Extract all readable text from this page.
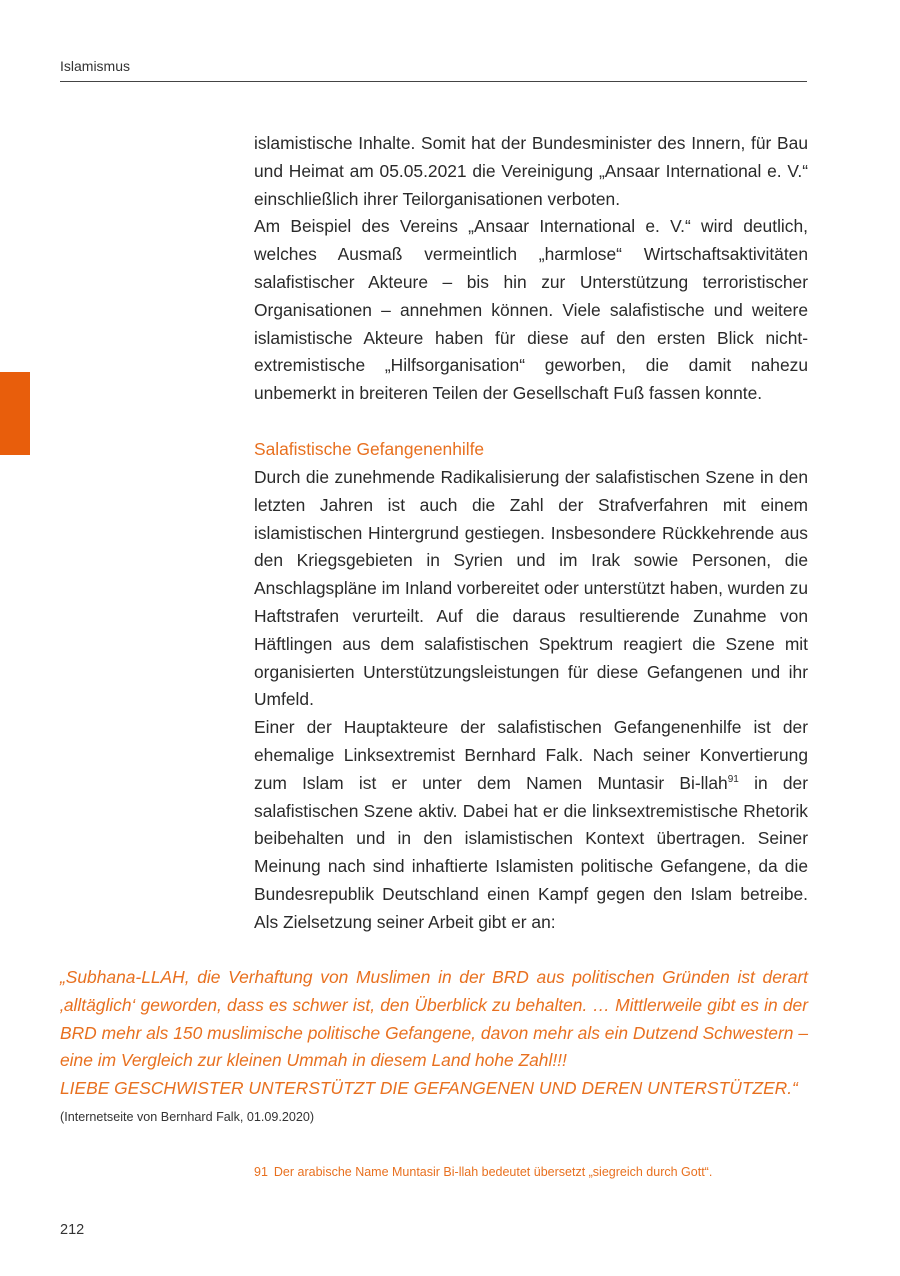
Islamismus

islamistische Inhalte. Somit hat der Bundesminister des Innern, für Bau und Heimat am 05.05.2021 die Vereinigung „Ansaar International e. V.“ einschließlich ihrer Teilorganisationen verboten.

Am Beispiel des Vereins „Ansaar International e. V.“ wird deutlich, welches Ausmaß vermeintlich „harmlose“ Wirtschaftsaktivitäten salafistischer Akteure – bis hin zur Unterstützung terroristischer Organisationen – annehmen können. Viele salafistische und weitere islamistische Akteure haben für diese auf den ersten Blick nicht-extremistische „Hilfsorganisation“ geworben, die damit nahezu unbemerkt in breiteren Teilen der Gesellschaft Fuß fassen konnte.

Salafistische Gefangenenhilfe

Durch die zunehmende Radikalisierung der salafistischen Szene in den letzten Jahren ist auch die Zahl der Strafverfahren mit einem islamistischen Hintergrund gestiegen. Insbesondere Rückkehrende aus den Kriegsgebieten in Syrien und im Irak sowie Personen, die Anschlagspläne im Inland vorbereitet oder unterstützt haben, wurden zu Haftstrafen verurteilt. Auf die daraus resultierende Zunahme von Häftlingen aus dem salafistischen Spektrum reagiert die Szene mit organisierten Unterstützungsleistungen für diese Gefangenen und ihr Umfeld.

Einer der Hauptakteure der salafistischen Gefangenenhilfe ist der ehemalige Linksextremist Bernhard Falk. Nach seiner Konvertierung zum Islam ist er unter dem Namen Muntasir Bi-llah$^{91}$ in der salafistischen Szene aktiv. Dabei hat er die linksextremistische Rhetorik beibehalten und in den islamistischen Kontext übertragen. Seiner Meinung nach sind inhaftierte Islamisten politische Gefangene, da die Bundesrepublik Deutschland einen Kampf gegen den Islam betreibe. Als Zielsetzung seiner Arbeit gibt er an:

„Subhana-LLAH, die Verhaftung von Muslimen in der BRD aus politischen Gründen ist derart ‚alltäglich‘ geworden, dass es schwer ist, den Überblick zu behalten. … Mittlerweile gibt es in der BRD mehr als 150 muslimische politische Gefangene, davon mehr als ein Dutzend Schwestern – eine im Vergleich zur kleinen Ummah in diesem Land hohe Zahl!!!

LIEBE GESCHWISTER UNTERSTÜTZT DIE GEFANGENEN UND DEREN UNTERSTÜTZER.“

(Internetseite von Bernhard Falk, 01.09.2020)
91 Der arabische Name Muntasir Bi-llah bedeutet übersetzt „siegreich durch Gott“.
212
